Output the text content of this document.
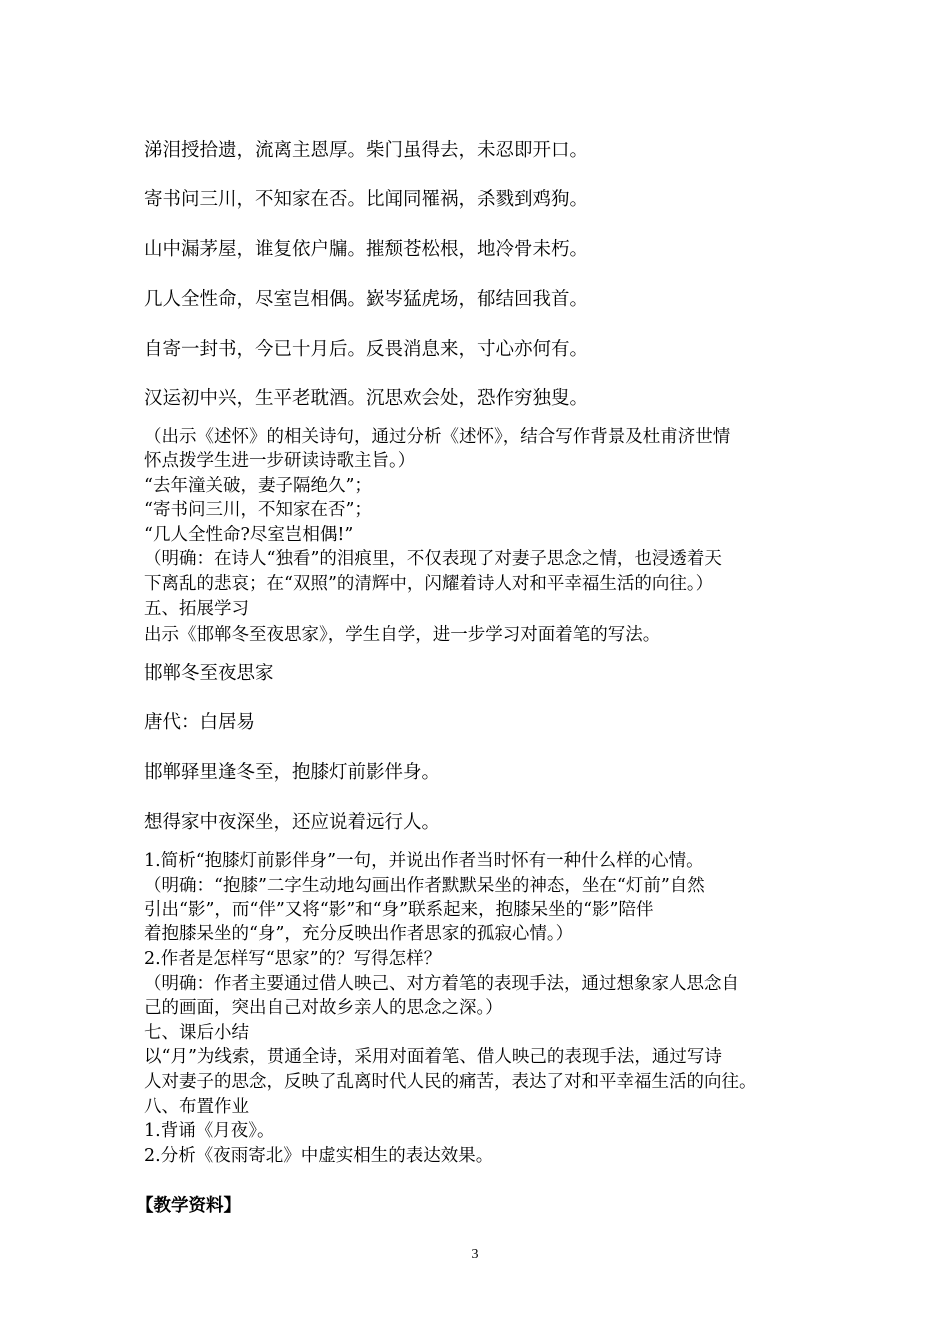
涕泪授拾遗，流离主恩厚。柴门虽得去，未忍即开口。
寄书问三川，不知家在否。比闻同罹祸，杀戮到鸡狗。
山中漏茅屋，谁复依户牖。摧颓苍松根，地冷骨未朽。
几人全性命，尽室岂相偶。嶔岑猛虎场，郁结回我首。
自寄一封书，今已十月后。反畏消息来，寸心亦何有。
汉运初中兴，生平老耽酒。沉思欢会处，恐作穷独叟。
（出示《述怀》的相关诗句，通过分析《述怀》，结合写作背景及杜甫济世情
怀点拨学生进一步研读诗歌主旨。）
“去年潼关破，妻子隔绝久”；
“寄书问三川，不知家在否”；
“几人全性命?尽室岂相偶!”
（明确：在诗人“独看”的泪痕里，不仅表现了对妻子思念之情，也浸透着天
下离乱的悲哀；在“双照”的清辉中，闪耀着诗人对和平幸福生活的向往。）
五、拓展学习
出示《邯郸冬至夜思家》，学生自学，进一步学习对面着笔的写法。
邯郸冬至夜思家
唐代：白居易
邯郸驿里逢冬至，抱膝灯前影伴身。
想得家中夜深坐，还应说着远行人。
1.简析“抱膝灯前影伴身”一句，并说出作者当时怀有一种什么样的心情。
（明确：“抱膝”二字生动地勾画出作者默默呆坐的神态，坐在“灯前”自然
引出“影”，而“伴”又将“影”和“身”联系起来，抱膝呆坐的“影”陪伴
着抱膝呆坐的“身”，充分反映出作者思家的孤寂心情。）
2.作者是怎样写“思家”的？写得怎样？
（明确：作者主要通过借人映己、对方着笔的表现手法，通过想象家人思念自
己的画面，突出自己对故乡亲人的思念之深。）
七、课后小结
以“月”为线索，贯通全诗，采用对面着笔、借人映己的表现手法，通过写诗
人对妻子的思念，反映了乱离时代人民的痛苦，表达了对和平幸福生活的向往。
八、布置作业
1.背诵《月夜》。
2.分析《夜雨寄北》中虚实相生的表达效果。
【教学资料】
3
